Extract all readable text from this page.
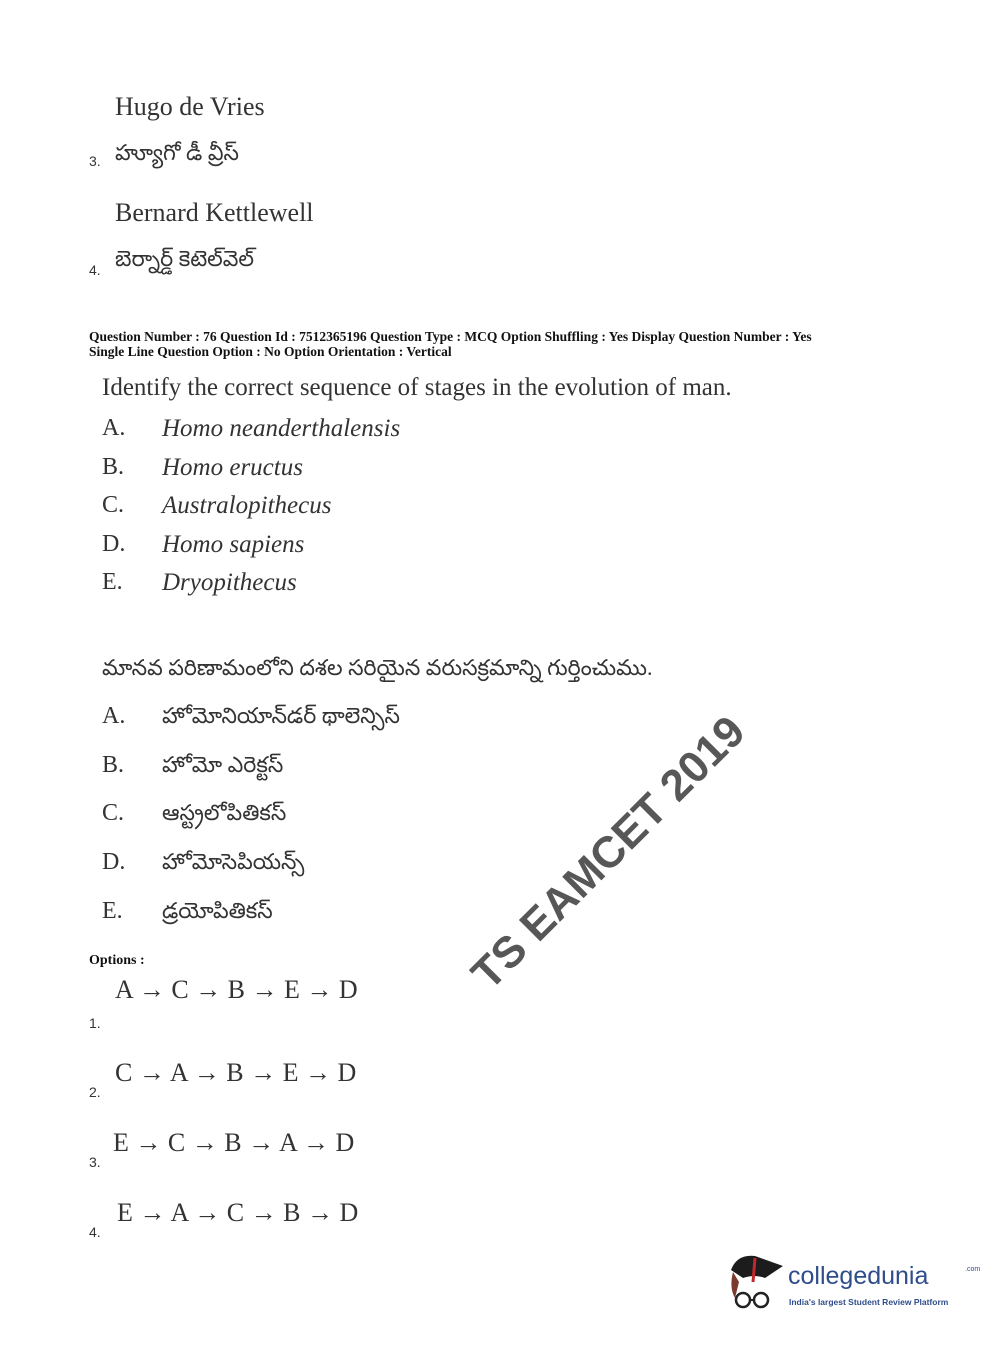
Hugo de Vries
3. హ్యూగో డీ వ్రీస్
Bernard Kettlewell
4. బెర్నార్డ్ కెటెల్‌వెల్
Question Number : 76 Question Id : 7512365196 Question Type : MCQ Option Shuffling : Yes Display Question Number : Yes
Single Line Question Option : No Option Orientation : Vertical
Identify the correct sequence of stages in the evolution of man.
A. Homo neanderthalensis
B. Homo eructus
C. Australopithecus
D. Homo sapiens
E. Dryopithecus
మానవ పరిణామంలోని దశల సరియైన వరుసక్రమాన్ని గుర్తించుము.
A. హోమోనియాన్‌డర్ థాలెన్సిస్
B. హోమో ఎరెక్టస్
C. ఆస్ట్రలోపితికస్
D. హోమోసెపియన్స్
E. డ్రయోపితికస్
Options :
A → C → B → E → D
1.
C → A → B → E → D
2.
E → C → B → A → D
3.
E → A → C → B → D
4.
TS EAMCET 2019
collegedunia	.com
India's largest Student Review Platform
